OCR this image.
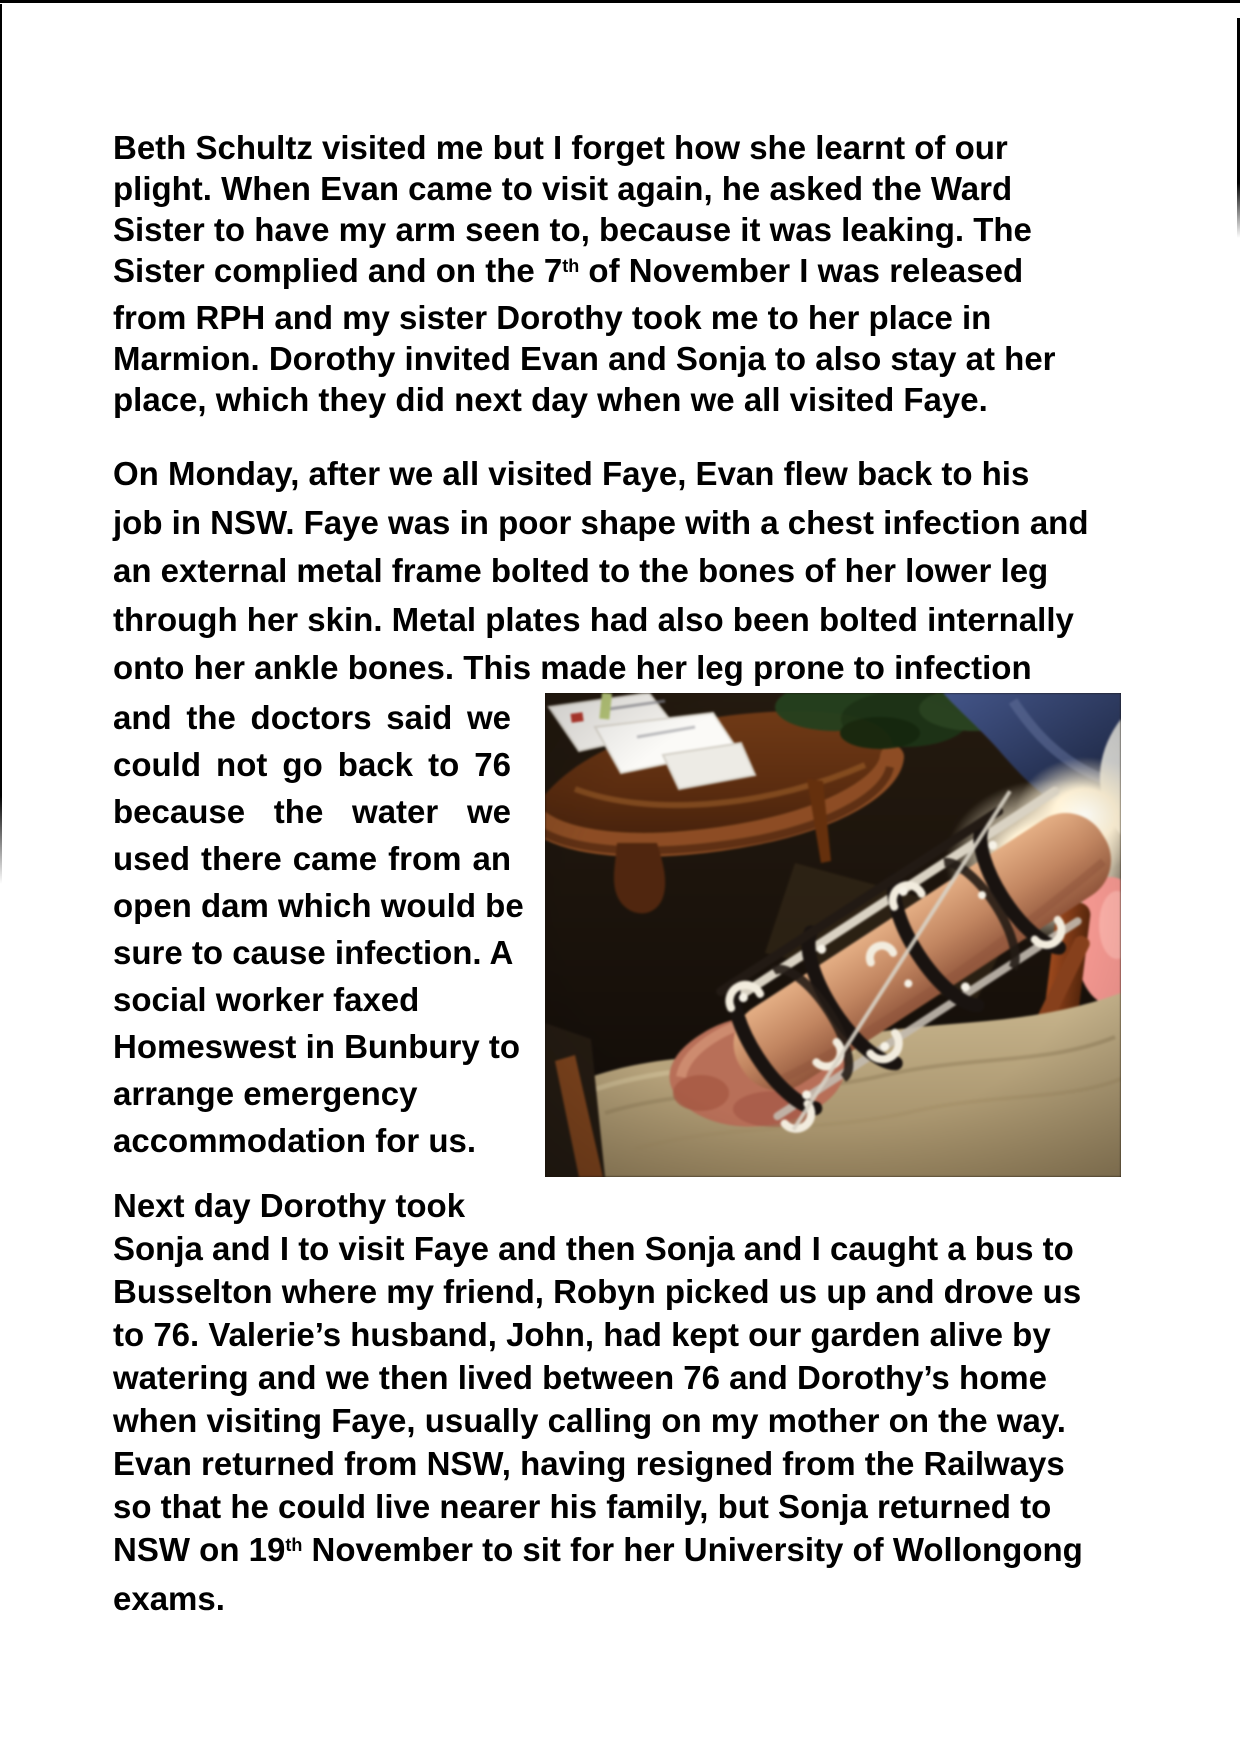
Beth Schultz visited me but I forget how she learnt of our
plight. When Evan came to visit again, he asked the Ward
Sister to have my arm seen to, because it was leaking. The
Sister complied and on the 7th of November I was released
from RPH and my sister Dorothy took me to her place in
Marmion. Dorothy invited Evan and Sonja to also stay at her
place, which they did next day when we all visited Faye.
On Monday, after we all visited Faye, Evan flew back to his
job in NSW. Faye was in poor shape with a chest infection and
an external metal frame bolted to the bones of her lower leg
through her skin. Metal plates had also been bolted internally
onto her ankle bones. This made her leg prone to infection
and the doctors said we
could not go back to 76
because the water we
used there came from an
open dam which would be
sure to cause infection. A
social worker faxed
Homeswest in Bunbury to
arrange emergency
accommodation for us.
Next day Dorothy took
Sonja and I to visit Faye and then Sonja and I caught a bus to
Busselton where my friend, Robyn picked us up and drove us
to 76. Valerie’s husband, John, had kept our garden alive by
watering and we then lived between 76 and Dorothy’s home
when visiting Faye, usually calling on my mother on the way.
Evan returned from NSW, having resigned from the Railways
so that he could live nearer his family, but Sonja returned to
NSW on 19th November to sit for her University of Wollongong
exams.
